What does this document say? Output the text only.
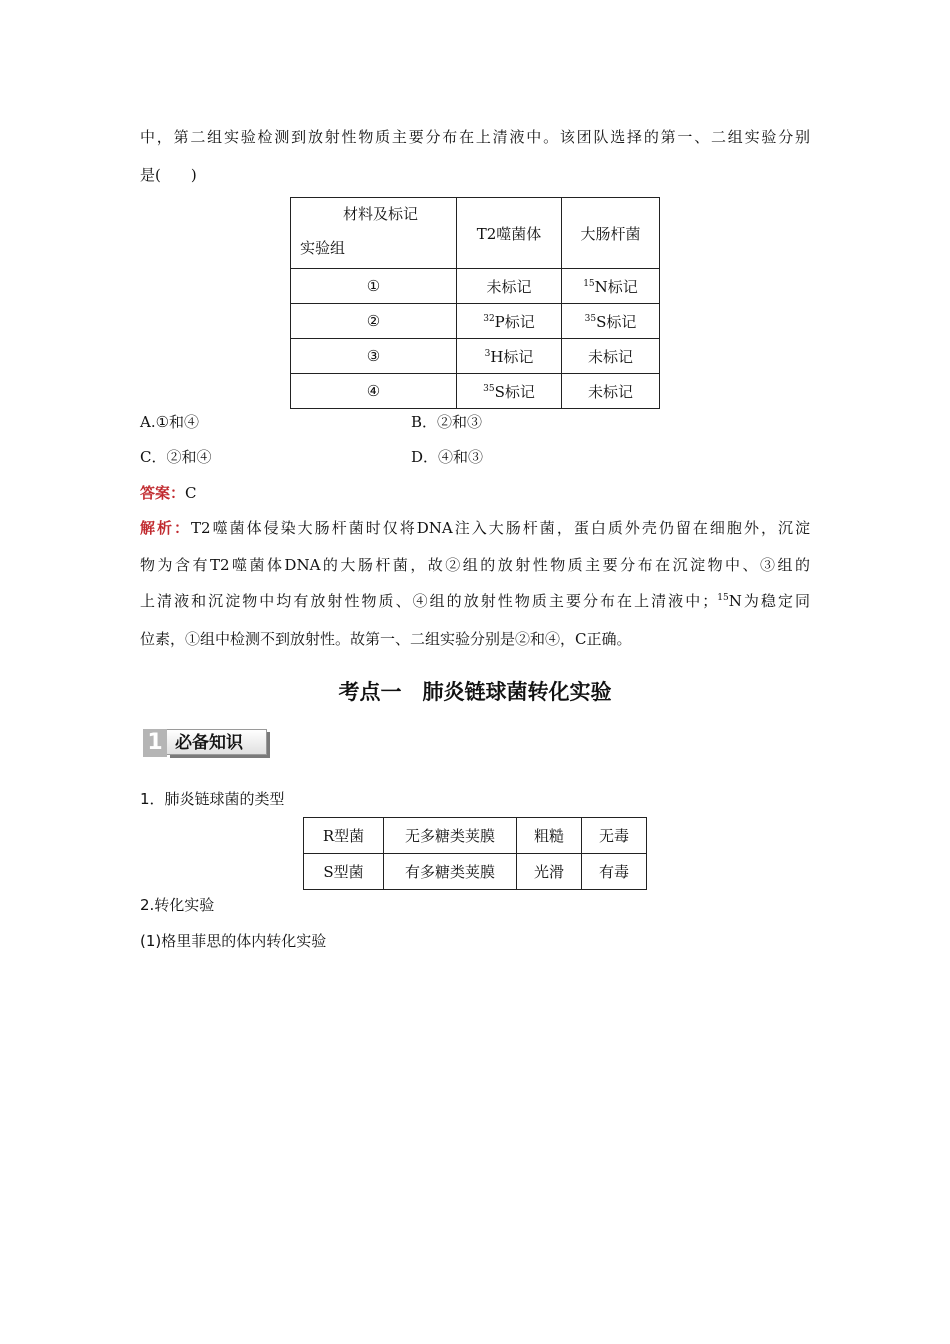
中，第二组实验检测到放射性物质主要分布在上清液中。该团队选择的第一、二组实验分别
是(　　)
材料及标记
实验组	T2噬菌体	大肠杆菌
①	未标记	$^{15}$N标记
②	$^{32}$P标记	$^{35}$S标记
③	$^3$H标记	未标记
④	$^{35}$S标记	未标记
A.①和④	B．②和③
C．②和④	D．④和③
答案：C
解析：T2噬菌体侵染大肠杆菌时仅将DNA注入大肠杆菌，蛋白质外壳仍留在细胞外，沉淀
物为含有T2噬菌体DNA的大肠杆菌，故②组的放射性物质主要分布在沉淀物中、③组的
上清液和沉淀物中均有放射性物质、④组的放射性物质主要分布在上清液中；$^{15}$N为稳定同
位素，①组中检测不到放射性。故第一、二组实验分别是②和④，C正确。
考点一　肺炎链球菌转化实验
1 必备知识
1．肺炎链球菌的类型
R型菌	无多糖类荚膜	粗糙	无毒
S型菌	有多糖类荚膜	光滑	有毒
2.转化实验
(1)格里菲思的体内转化实验
